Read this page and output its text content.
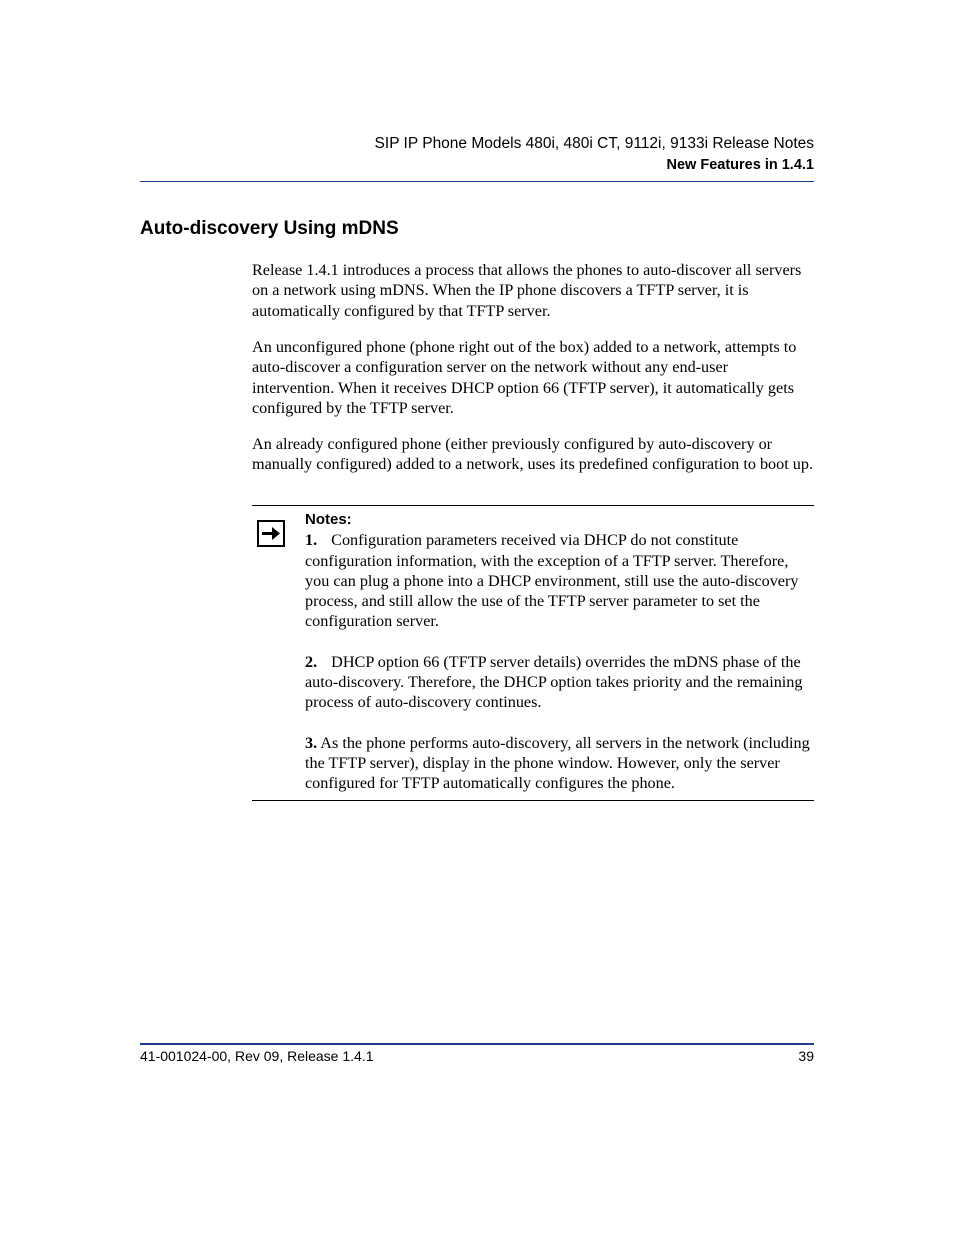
SIP IP Phone Models 480i, 480i CT, 9112i, 9133i Release Notes
New Features in 1.4.1
Auto-discovery Using mDNS

Release 1.4.1 introduces a process that allows the phones to auto-discover all servers on a network using mDNS. When the IP phone discovers a TFTP server, it is automatically configured by that TFTP server.

An unconfigured phone (phone right out of the box) added to a network, attempts to auto-discover a configuration server on the network without any end-user intervention. When it receives DHCP option 66 (TFTP server), it automatically gets configured by the TFTP server.

An already configured phone (either previously configured by auto-discovery or manually configured) added to a network, uses its predefined configuration to boot up.

Notes:

1. Configuration parameters received via DHCP do not constitute configuration information, with the exception of a TFTP server. Therefore, you can plug a phone into a DHCP environment, still use the auto-discovery process, and still allow the use of the TFTP server parameter to set the configuration server.

2. DHCP option 66 (TFTP server details) overrides the mDNS phase of the auto-discovery. Therefore, the DHCP option takes priority and the remaining process of auto-discovery continues.

3. As the phone performs auto-discovery, all servers in the network (including the TFTP server), display in the phone window. However, only the server configured for TFTP automatically configures the phone.

41-001024-00, Rev 09, Release 1.4.1	39
